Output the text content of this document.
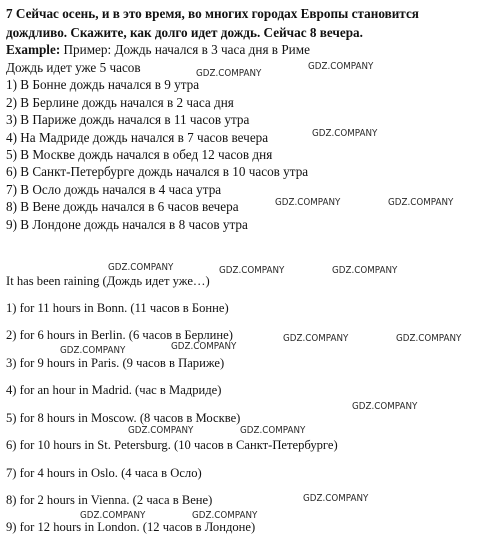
7 Сейчас осень, и в это время, во многих городах Европы становится
дождливо. Скажите, как долго идет дождь. Сейчас 8 вечера.
Example: Пример: Дождь начался в 3 часа дня в Риме
Дождь идет уже 5 часов
1) В Бонне дождь начался в 9 утра
2) В Берлине дождь начался в 2 часа дня
3) В Париже дождь начался в 11 часов утра
4) На Мадриде дождь начался в 7 часов вечера
5) В Москве дождь начался в обед 12 часов дня
6) В Санкт-Петербурге дождь начался в 10 часов утра
7) В Осло дождь начался в 4 часа утра
8) В Вене дождь начался в 6 часов вечера
9) В Лондоне дождь начался в 8 часов утра
It has been raining (Дождь идет уже…)
1) for 11 hours in Bonn. (11 часов в Бонне)
2) for 6 hours in Berlin. (6 часов в Берлине)
3) for 9 hours in Paris. (9 часов в Париже)
4) for an hour in Madrid. (час в Мадриде)
5) for 8 hours in Moscow. (8 часов в Москве)
6) for 10 hours in St. Petersburg. (10 часов в Санкт-Петербурге)
7) for 4 hours in Oslo. (4 часа в Осло)
8) for 2 hours in Vienna. (2 часа в Вене)
9) for 12 hours in London. (12 часов в Лондоне)
GDZ.COMPANY
GDZ.COMPANY
GDZ.COMPANY
GDZ.COMPANY	GDZ.COMPANY
GDZ.COMPANY	GDZ.COMPANY	GDZ.COMPANY
GDZ.COMPANY
GDZ.COMPANY	GDZ.COMPANY
GDZ.COMPANY
GDZ.COMPANY
GDZ.COMPANY	GDZ.COMPANY
GDZ.COMPANY
GDZ.COMPANY	GDZ.COMPANY
